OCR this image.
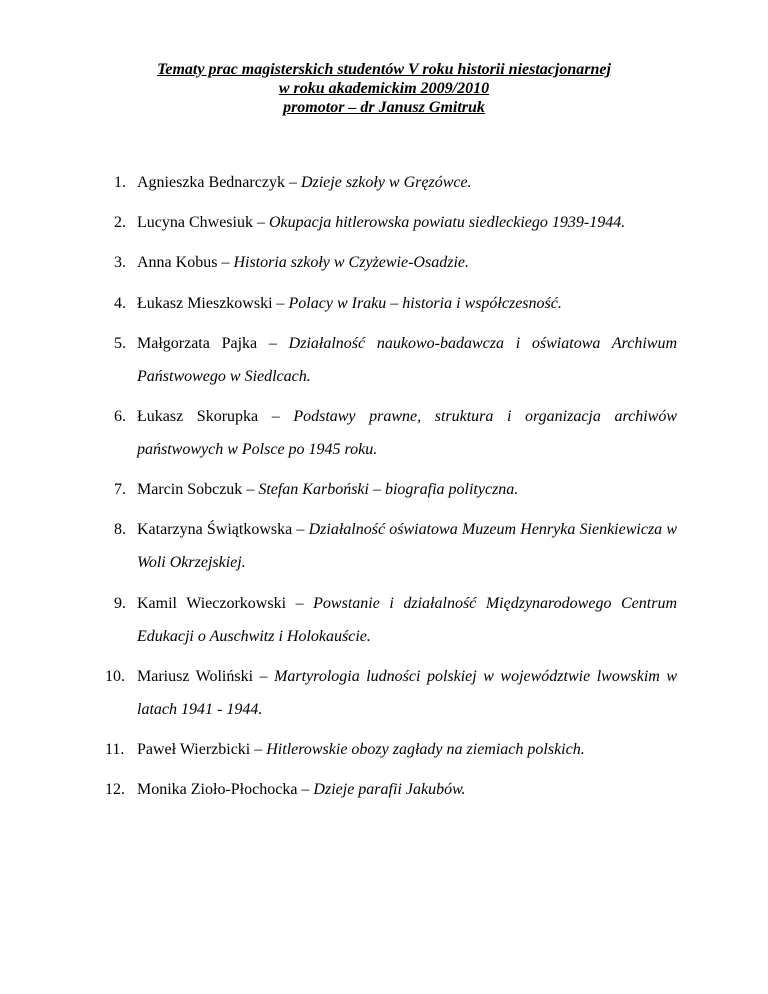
Tematy prac magisterskich studentów V roku historii niestacjonarnej
w roku akademickim 2009/2010
promotor – dr Janusz Gmitruk
1. Agnieszka Bednarczyk – Dzieje szkoły w Gręzówce.
2. Lucyna Chwesiuk – Okupacja hitlerowska powiatu siedleckiego 1939-1944.
3. Anna Kobus – Historia szkoły w Czyżewie-Osadzie.
4. Łukasz Mieszkowski – Polacy w Iraku – historia i współczesność.
5. Małgorzata Pajka – Działalność naukowo-badawcza i oświatowa Archiwum Państwowego w Siedlcach.
6. Łukasz Skorupka – Podstawy prawne, struktura i organizacja archiwów państwowych w Polsce po 1945 roku.
7. Marcin Sobczuk – Stefan Karboński – biografia polityczna.
8. Katarzyna Świątkowska – Działalność oświatowa Muzeum Henryka Sienkiewicza w Woli Okrzejskiej.
9. Kamil Wieczorkowski – Powstanie i działalność Międzynarodowego Centrum Edukacji o Auschwitz i Holokauście.
10. Mariusz Woliński – Martyrologia ludności polskiej w województwie lwowskim w latach 1941 - 1944.
11. Paweł Wierzbicki – Hitlerowskie obozy zagłady na ziemiach polskich.
12. Monika Zioło-Płochocka – Dzieje parafii Jakubów.
